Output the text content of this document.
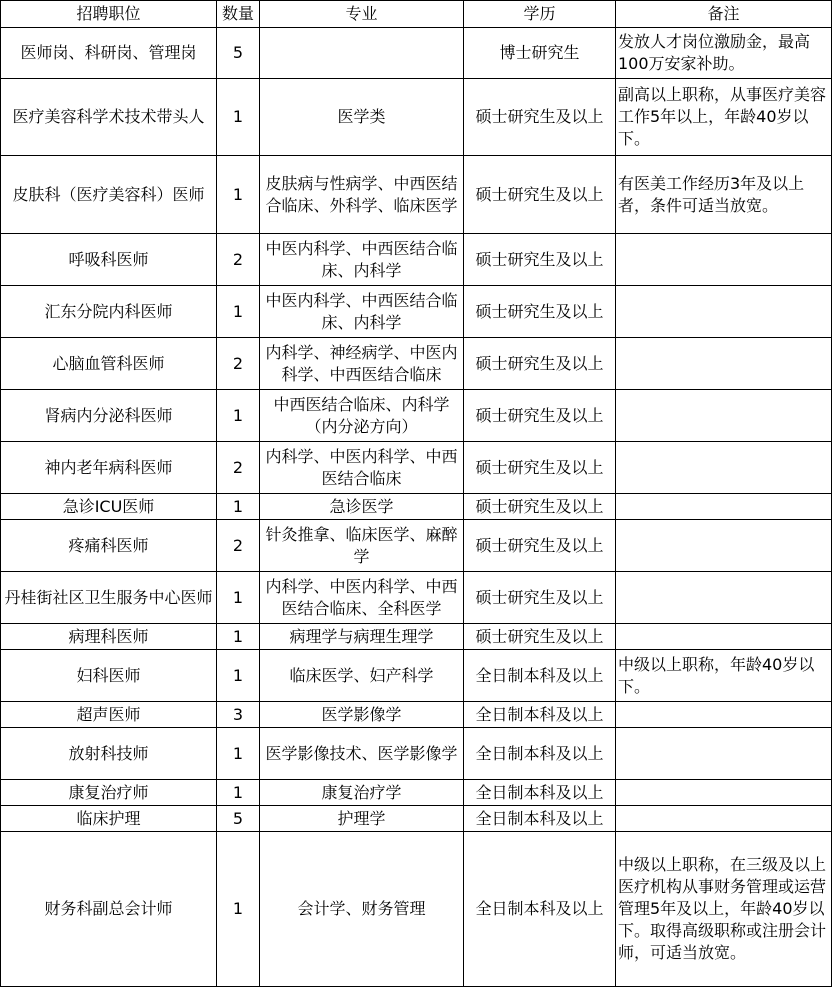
招聘职位	数量	专业	学历	备注
医师岗、科研岗、管理岗	5		博士研究生	发放人才岗位激励金，最高100万安家补助。
医疗美容科学术技术带头人	1	医学类	硕士研究生及以上	副高以上职称，从事医疗美容工作5年以上，年龄40岁以下。
皮肤科（医疗美容科）医师	1	皮肤病与性病学、中西医结合临床、外科学、临床医学	硕士研究生及以上	有医美工作经历3年及以上者，条件可适当放宽。
呼吸科医师	2	中医内科学、中西医结合临床、内科学	硕士研究生及以上	
汇东分院内科医师	1	中医内科学、中西医结合临床、内科学	硕士研究生及以上	
心脑血管科医师	2	内科学、神经病学、中医内科学、中西医结合临床	硕士研究生及以上	
肾病内分泌科医师	1	中西医结合临床、内科学（内分泌方向）	硕士研究生及以上	
神内老年病科医师	2	内科学、中医内科学、中西医结合临床	硕士研究生及以上	
急诊ICU医师	1	急诊医学	硕士研究生及以上	
疼痛科医师	2	针灸推拿、临床医学、麻醉学	硕士研究生及以上	
丹桂街社区卫生服务中心医师	1	内科学、中医内科学、中西医结合临床、全科医学	硕士研究生及以上	
病理科医师	1	病理学与病理生理学	硕士研究生及以上	
妇科医师	1	临床医学、妇产科学	全日制本科及以上	中级以上职称，年龄40岁以下。
超声医师	3	医学影像学	全日制本科及以上	
放射科技师	1	医学影像技术、医学影像学	全日制本科及以上	
康复治疗师	1	康复治疗学	全日制本科及以上	
临床护理	5	护理学	全日制本科及以上	
财务科副总会计师	1	会计学、财务管理	全日制本科及以上	中级以上职称，在三级及以上医疗机构从事财务管理或运营管理5年及以上，年龄40岁以下。取得高级职称或注册会计师，可适当放宽。
